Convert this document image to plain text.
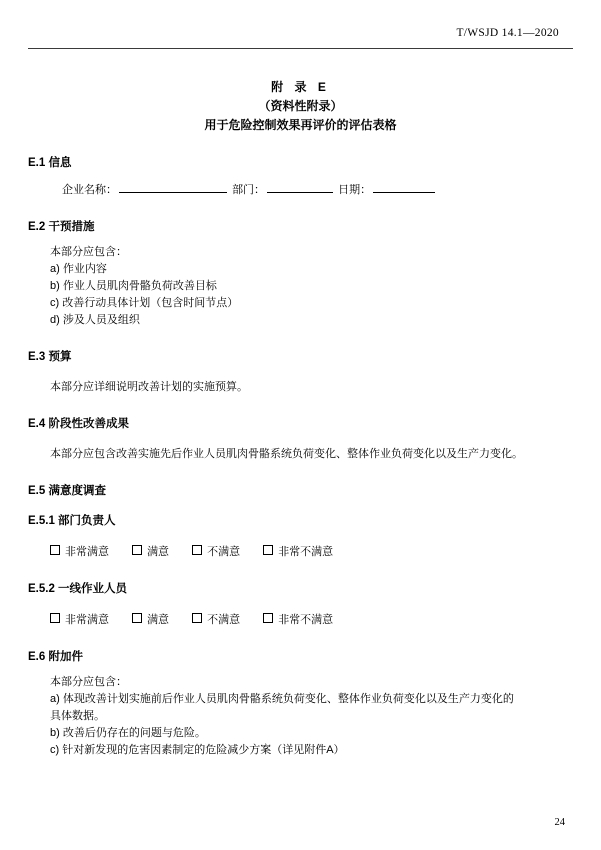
T/WSJD 14.1—2020
附 录 E
（资料性附录）
用于危险控制效果再评价的评估表格
E.1 信息
企业名称：	部门：	日期：
E.2 干预措施
本部分应包含：
a) 作业内容
b) 作业人员肌肉骨骼负荷改善目标
c) 改善行动具体计划（包含时间节点）
d) 涉及人员及组织
E.3 预算
本部分应详细说明改善计划的实施预算。
E.4 阶段性改善成果
本部分应包含改善实施先后作业人员肌肉骨骼系统负荷变化、整体作业负荷变化以及生产力变化。
E.5 满意度调查
E.5.1 部门负责人
非常满意	满意	不满意	非常不满意
E.5.2 一线作业人员
非常满意	满意	不满意	非常不满意
E.6 附加件
本部分应包含：
a) 体现改善计划实施前后作业人员肌肉骨骼系统负荷变化、整体作业负荷变化以及生产力变化的
具体数据。
b) 改善后仍存在的问题与危险。
c) 针对新发现的危害因素制定的危险减少方案（详见附件A）
24
